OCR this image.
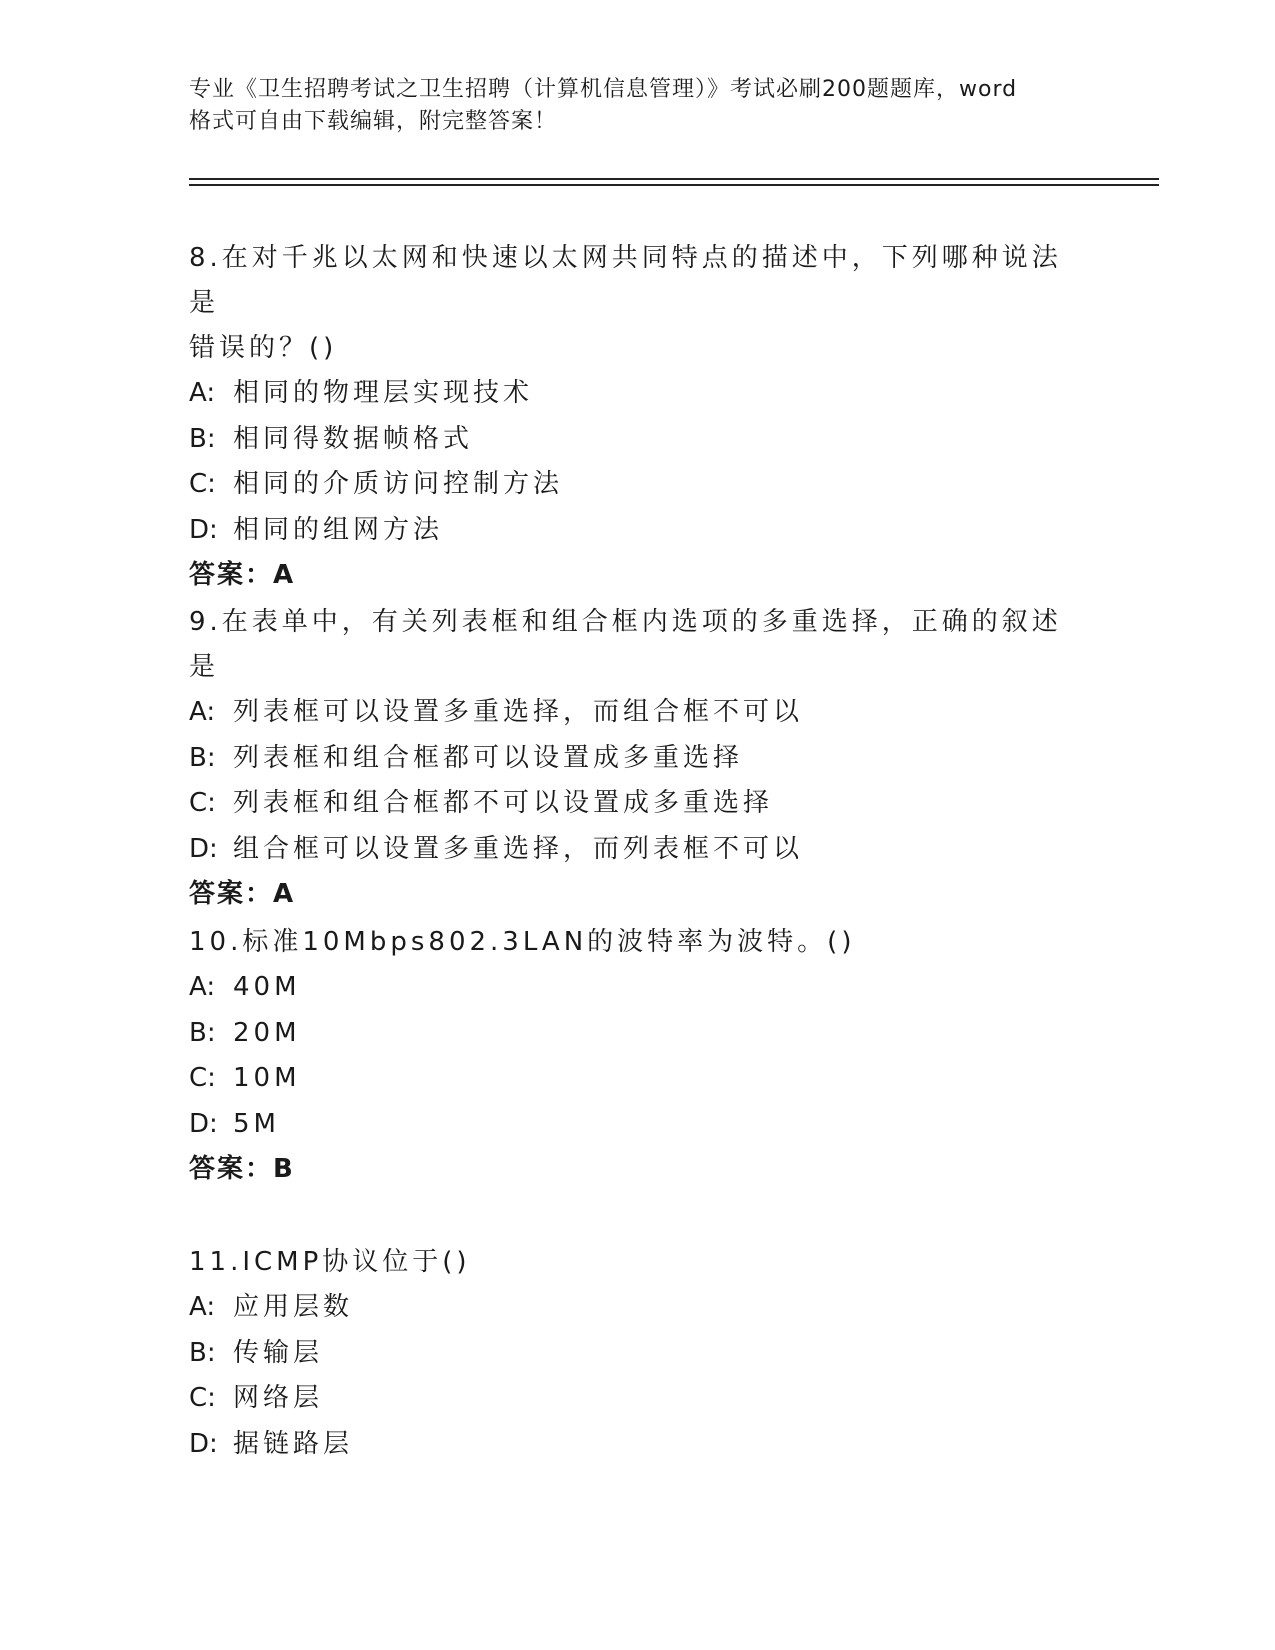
专业《卫生招聘考试之卫生招聘（计算机信息管理）》考试必刷200题题库，word
格式可自由下载编辑，附完整答案！

8.在对千兆以太网和快速以太网共同特点的描述中，下列哪种说法是

错误的？()

A: 相同的物理层实现技术

B: 相同得数据帧格式

C: 相同的介质访问控制方法

D: 相同的组网方法

答案：A

9.在表单中，有关列表框和组合框内选项的多重选择，正确的叙述是

A: 列表框可以设置多重选择，而组合框不可以

B: 列表框和组合框都可以设置成多重选择

C: 列表框和组合框都不可以设置成多重选择

D: 组合框可以设置多重选择，而列表框不可以

答案：A

10.标准10Mbps802.3LAN的波特率为波特。()

A: 40M

B: 20M

C: 10M

D: 5M

答案：B

11.ICMP协议位于()

A: 应用层数

B: 传输层

C: 网络层

D: 据链路层
